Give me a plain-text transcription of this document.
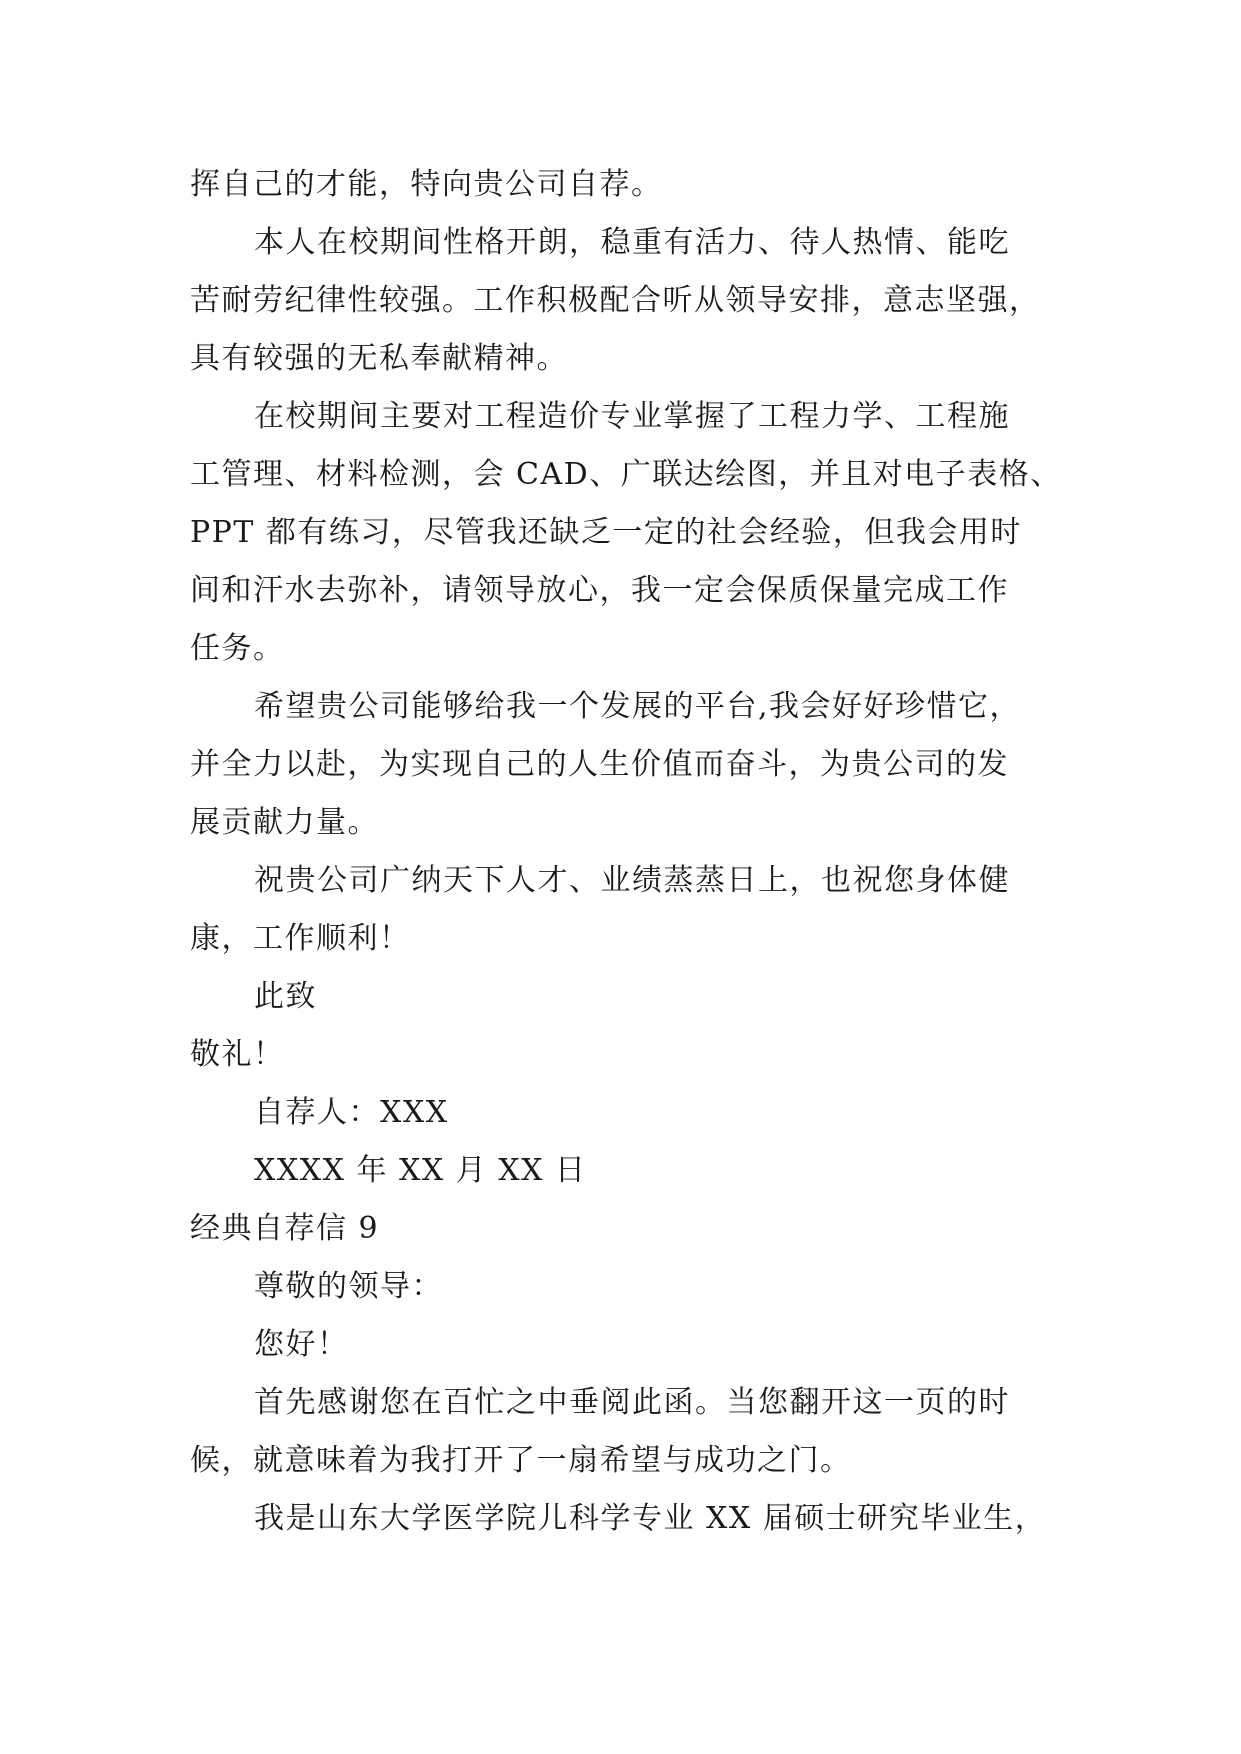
挥自己的才能，特向贵公司自荐。
本人在校期间性格开朗，稳重有活力、待人热情、能吃
苦耐劳纪律性较强。工作积极配合听从领导安排，意志坚强，
具有较强的无私奉献精神。
在校期间主要对工程造价专业掌握了工程力学、工程施
工管理、材料检测，会 CAD、广联达绘图，并且对电子表格、
PPT 都有练习，尽管我还缺乏一定的社会经验，但我会用时
间和汗水去弥补，请领导放心，我一定会保质保量完成工作
任务。
希望贵公司能够给我一个发展的平台,我会好好珍惜它，
并全力以赴，为实现自己的人生价值而奋斗，为贵公司的发
展贡献力量。
祝贵公司广纳天下人才、业绩蒸蒸日上，也祝您身体健
康，工作顺利！
此致
敬礼！
自荐人：XXX
XXXX 年 XX 月 XX 日
经典自荐信 9
尊敬的领导：
您好！
首先感谢您在百忙之中垂阅此函。当您翻开这一页的时
候，就意味着为我打开了一扇希望与成功之门。
我是山东大学医学院儿科学专业 XX 届硕士研究毕业生，
